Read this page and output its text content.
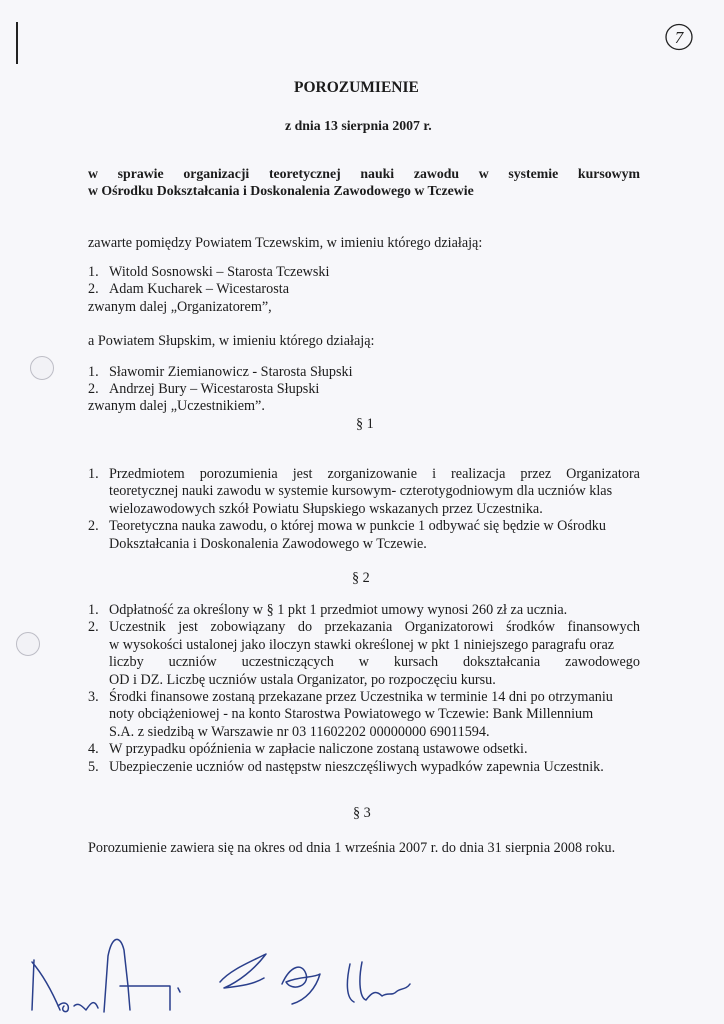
7
POROZUMIENIE
z dnia 13 sierpnia 2007 r.
w sprawie organizacji teoretycznej nauki zawodu w systemie kursowym
w Ośrodku Dokształcania i Doskonalenia Zawodowego w Tczewie
zawarte pomiędzy Powiatem Tczewskim, w imieniu którego działają:
1. Witold Sosnowski – Starosta Tczewski
2. Adam Kucharek – Wicestarosta
zwanym dalej „Organizatorem”,
a Powiatem Słupskim, w imieniu którego działają:
1. Sławomir Ziemianowicz - Starosta Słupski
2. Andrzej Bury – Wicestarosta Słupski
zwanym dalej „Uczestnikiem”.
§ 1
1. Przedmiotem porozumienia jest zorganizowanie i realizacja przez Organizatora
teoretycznej nauki zawodu w systemie kursowym- czterotygodniowym dla uczniów klas
wielozawodowych szkół Powiatu Słupskiego wskazanych przez Uczestnika.
2. Teoretyczna nauka zawodu, o której mowa w punkcie 1 odbywać się będzie w Ośrodku
Dokształcania i Doskonalenia Zawodowego w Tczewie.
§ 2
1. Odpłatność za określony w § 1 pkt 1 przedmiot umowy wynosi 260 zł za ucznia.
2. Uczestnik jest zobowiązany do przekazania Organizatorowi środków finansowych
w wysokości ustalonej jako iloczyn stawki określonej w pkt 1 niniejszego paragrafu oraz
liczby uczniów uczestniczących w kursach dokształcania zawodowego
OD i DZ. Liczbę uczniów ustala Organizator, po rozpoczęciu kursu.
3. Środki finansowe zostaną przekazane przez Uczestnika w terminie 14 dni po otrzymaniu
noty obciążeniowej - na konto Starostwa Powiatowego w Tczewie: Bank Millennium
S.A. z siedzibą w Warszawie nr 03 11602202 00000000 69011594.
4. W przypadku opóźnienia w zapłacie naliczone zostaną ustawowe odsetki.
5. Ubezpieczenie uczniów od następstw nieszczęśliwych wypadków zapewnia Uczestnik.
§ 3
Porozumienie zawiera się na okres od dnia 1 września 2007 r. do dnia 31 sierpnia 2008 roku.
